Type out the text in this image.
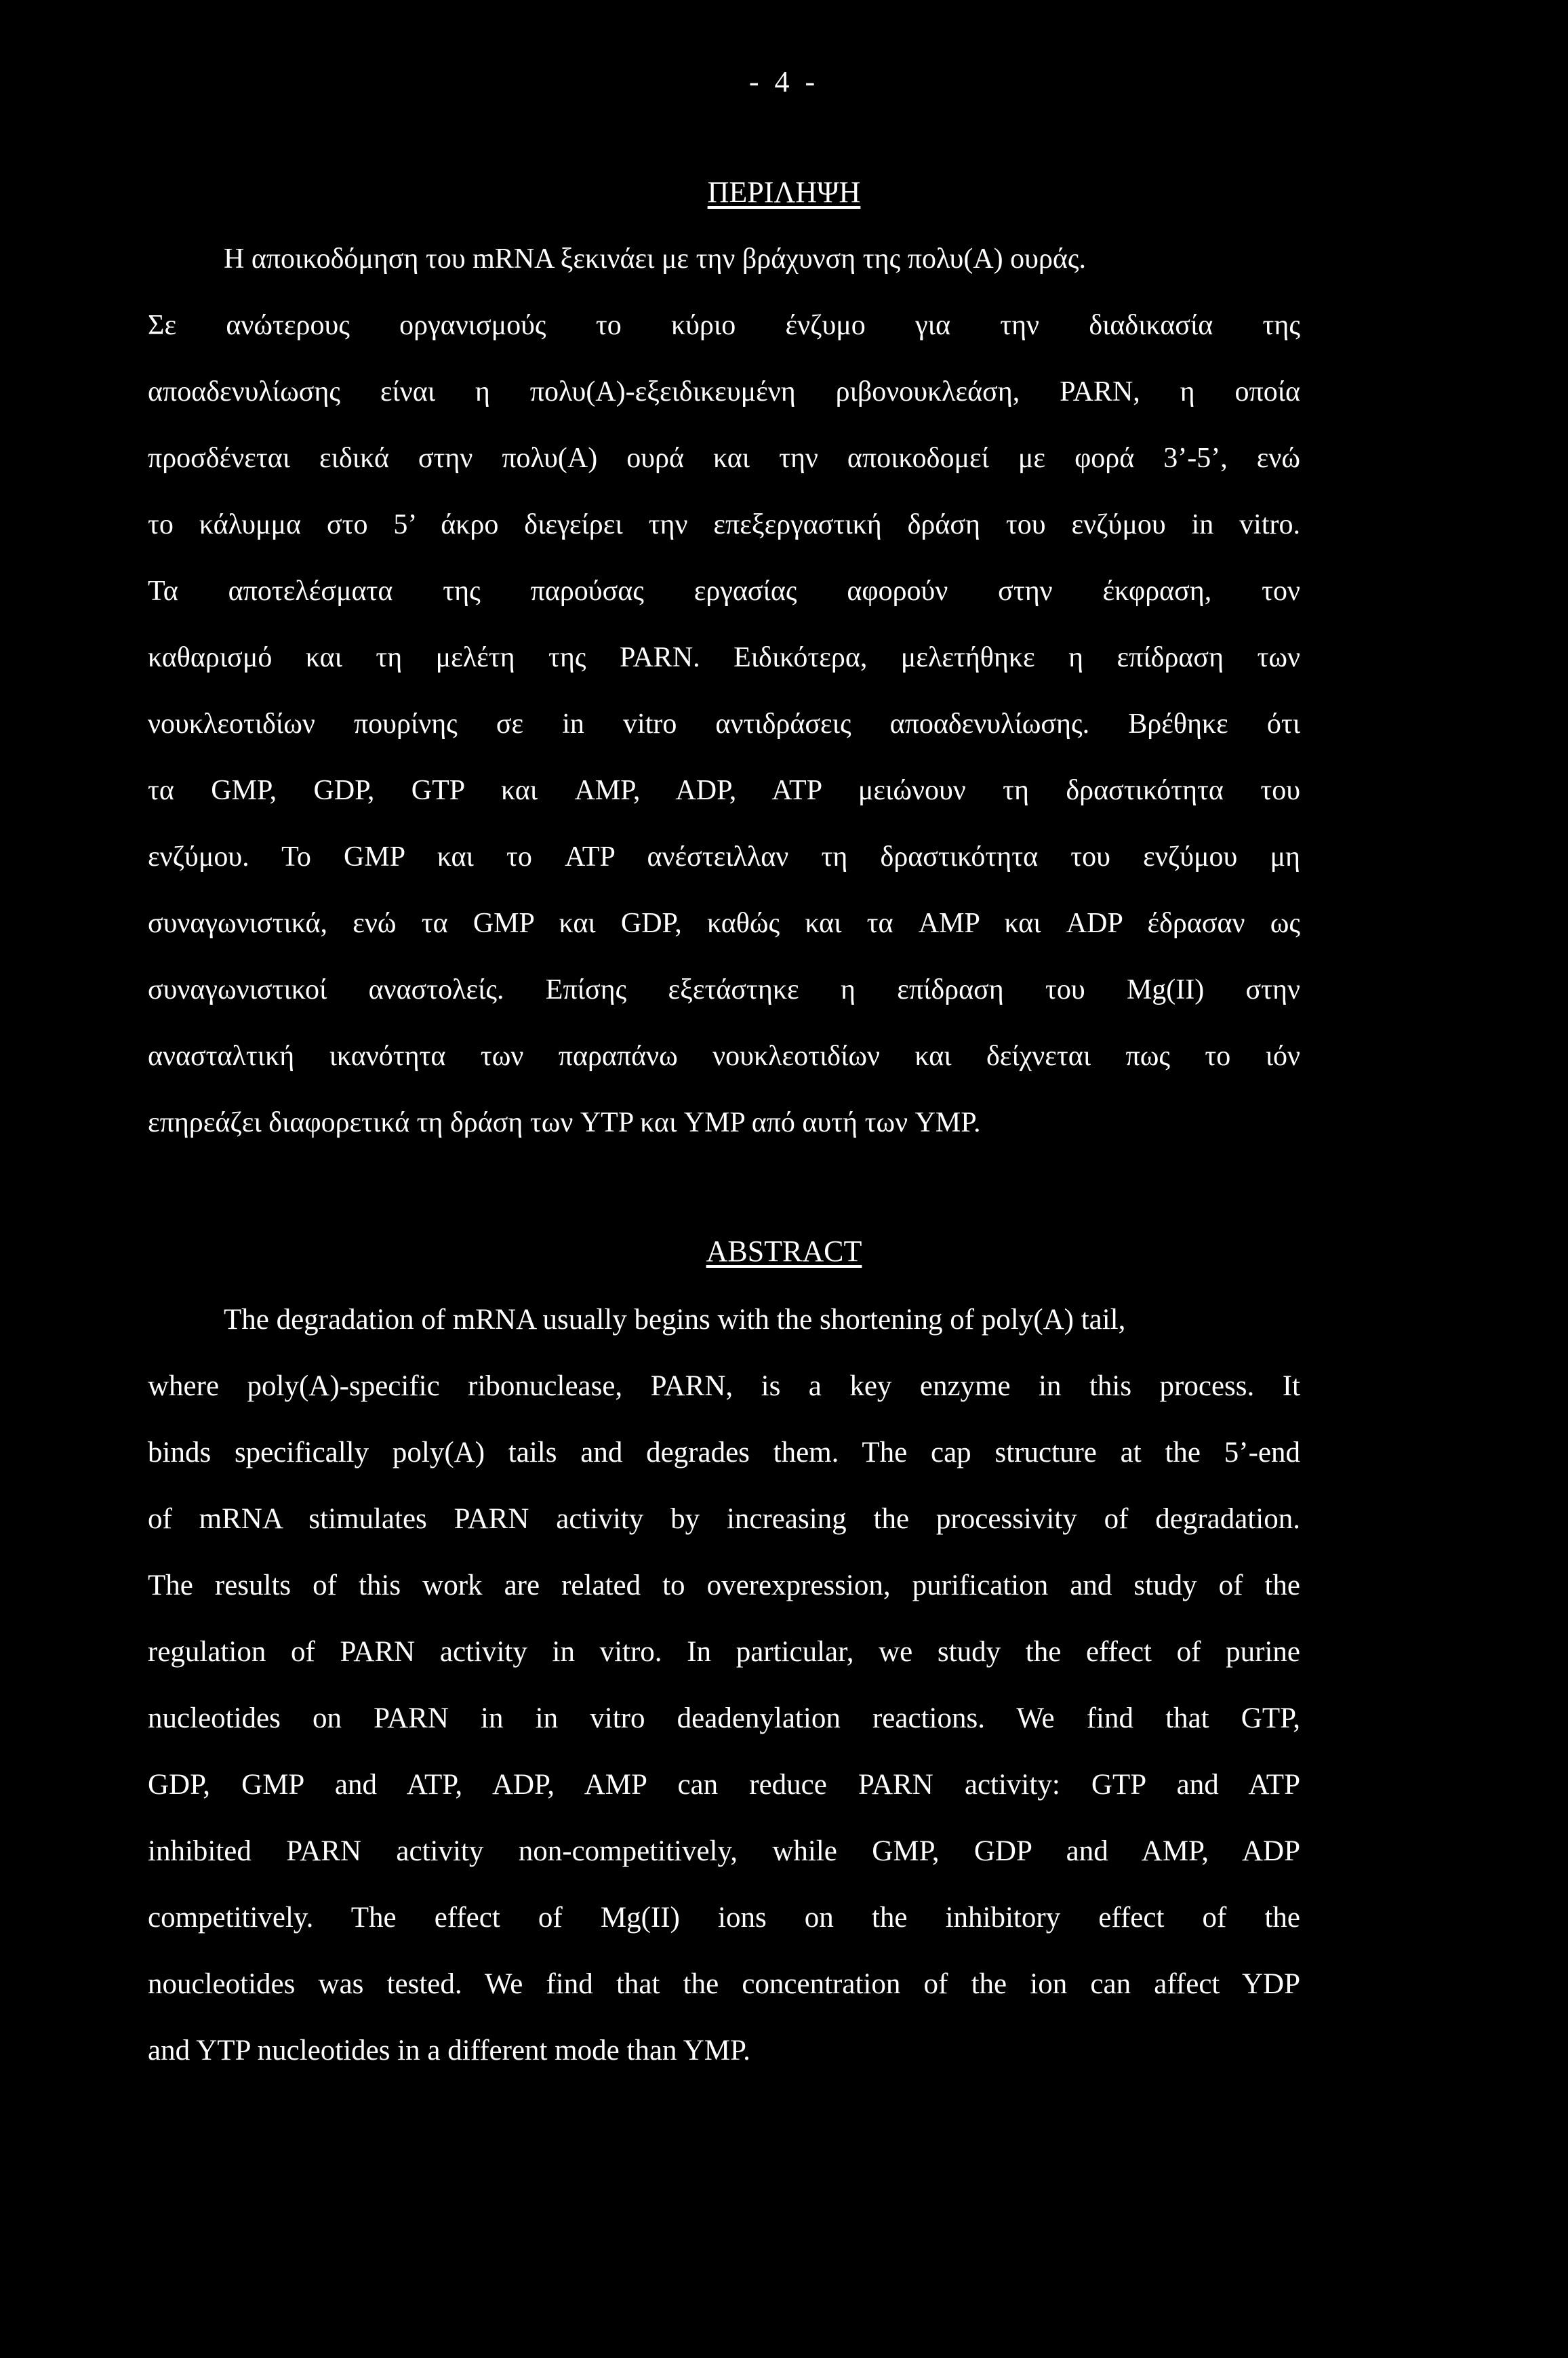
- 4 -
ΠΕΡΙΛΗΨΗ
Η αποικοδόμηση του mRNA ξεκινάει με την βράχυνση της πολυ(Α) ουράς.
Σε ανώτερους οργανισμούς το κύριο ένζυμο για την διαδικασία της
αποαδενυλίωσης είναι η πολυ(Α)-εξειδικευμένη ριβονουκλεάση, PARN, η οποία
προσδένεται ειδικά στην πολυ(Α) ουρά και την αποικοδομεί με φορά 3’-5’, ενώ
το κάλυμμα στο 5’ άκρο διεγείρει την επεξεργαστική δράση του ενζύμου in vitro.
Τα αποτελέσματα της παρούσας εργασίας αφορούν στην έκφραση, τον
καθαρισμό και τη μελέτη της PARN. Ειδικότερα, μελετήθηκε η επίδραση των
νουκλεοτιδίων πουρίνης σε in vitro αντιδράσεις αποαδενυλίωσης. Βρέθηκε ότι
τα GMP, GDP, GTP και AMP, ADP, ATP μειώνουν τη δραστικότητα του
ενζύμου. Το GMP και το ATP ανέστειλλαν τη δραστικότητα του ενζύμου μη
συναγωνιστικά, ενώ τα GMP και GDP, καθώς και τα AMP και ADP έδρασαν ως
συναγωνιστικοί αναστολείς. Επίσης εξετάστηκε η επίδραση του Mg(II) στην
ανασταλτική ικανότητα των παραπάνω νουκλεοτιδίων και δείχνεται πως το ιόν
επηρεάζει διαφορετικά τη δράση των YTP και YMP από αυτή των YMP.
ABSTRACT
The degradation of mRNA usually begins with the shortening of poly(A) tail,
where poly(A)-specific ribonuclease, PARN, is a key enzyme in this process. It
binds specifically poly(A) tails and degrades them. The cap structure at the 5’-end
of mRNA stimulates PARN activity by increasing the processivity of degradation.
The results of this work are related to overexpression, purification and study of the
regulation of PARN activity in vitro. In particular, we study the effect of purine
nucleotides on PARN in in vitro deadenylation reactions. We find that GTP,
GDP, GMP and ATP, ADP, AMP can reduce PARN activity: GTP and ATP
inhibited PARN activity non-competitively, while GMP, GDP and AMP, ADP
competitively. The effect of Mg(II) ions on the inhibitory effect of the
noucleotides was tested. We find that the concentration of the ion can affect YDP
and YTP nucleotides in a different mode than YMP.
